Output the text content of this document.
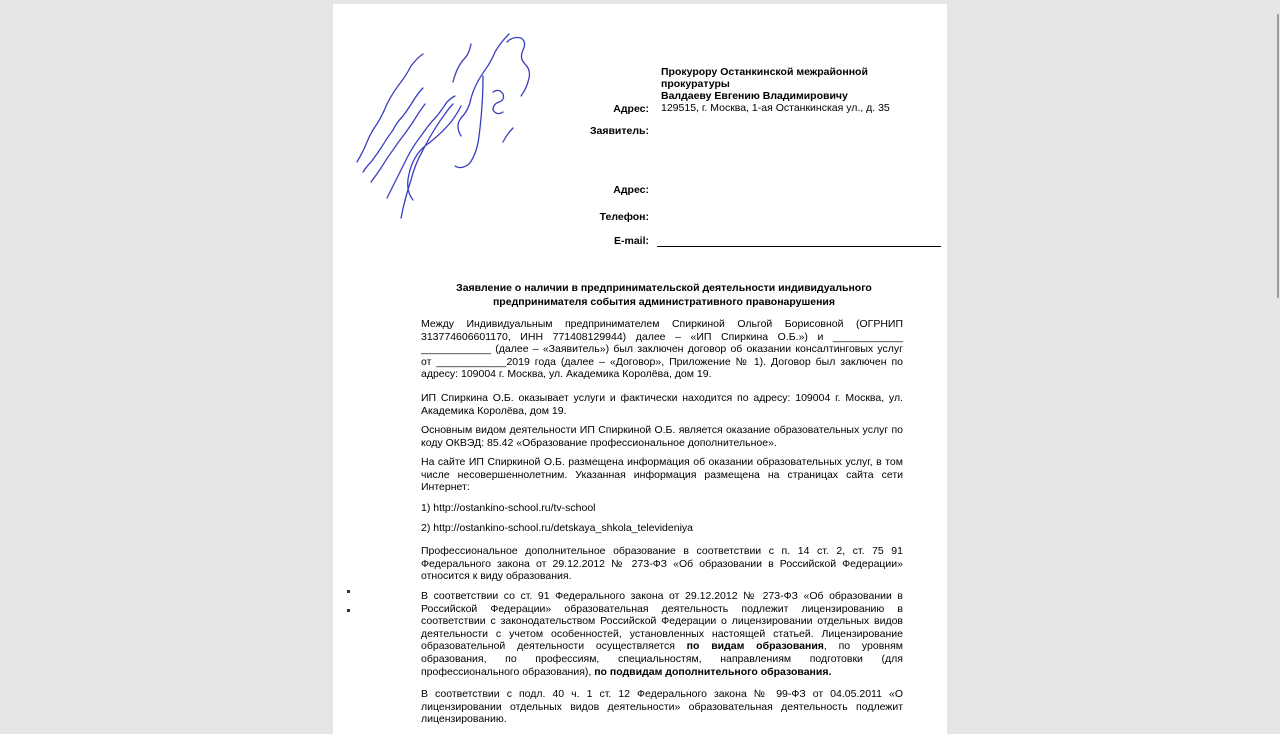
Прокурору Останкинской межрайонной
прокуратуры
Валдаеву Евгению Владимировичу
Адрес: 129515, г. Москва, 1-ая Останкинская ул., д. 35
Заявитель:
Адрес:
Телефон:
E-mail:
Заявление о наличии в предпринимательской деятельности индивидуального
предпринимателя события административного правонарушения

Между Индивидуальным предпринимателем Спиркиной Ольгой Борисовной (ОГРНИП 313774606601170, ИНН 771408129944) далее – «ИП Спиркина О.Б.») и ____________ ____________ (далее – «Заявитель») был заключен договор об оказании консалтинговых услуг от ____________2019 года (далее – «Договор», Приложение № 1). Договор был заключен по адресу: 109004 г. Москва, ул. Академика Королёва, дом 19.

ИП Спиркина О.Б. оказывает услуги и фактически находится по адресу: 109004 г. Москва, ул. Академика Королёва, дом 19.

Основным видом деятельности ИП Спиркиной О.Б. является оказание образовательных услуг по коду ОКВЭД: 85.42 «Образование профессиональное дополнительное».

На сайте ИП Спиркиной О.Б. размещена информация об оказании образовательных услуг, в том числе несовершеннолетним. Указанная информация размещена на страницах сайта сети Интернет:

1) http://ostankino-school.ru/tv-school

2) http://ostankino-school.ru/detskaya_shkola_televideniya

Профессиональное дополнительное образование в соответствии с п. 14 ст. 2, ст. 75 91 Федерального закона от 29.12.2012 № 273-ФЗ «Об образовании в Российской Федерации» относится к виду образования.

В соответствии со ст. 91 Федерального закона от 29.12.2012 № 273-ФЗ «Об образовании в Российской Федерации» образовательная деятельность подлежит лицензированию в соответствии с законодательством Российской Федерации о лицензировании отдельных видов деятельности с учетом особенностей, установленных настоящей статьей. Лицензирование образовательной деятельности осуществляется по видам образования, по уровням образования, по профессиям, специальностям, направлениям подготовки (для профессионального образования), по подвидам дополнительного образования.

В соответствии с подл. 40 ч. 1 ст. 12 Федерального закона № 99-ФЗ от 04.05.2011 «О лицензировании отдельных видов деятельности» образовательная деятельность подлежит лицензированию.
